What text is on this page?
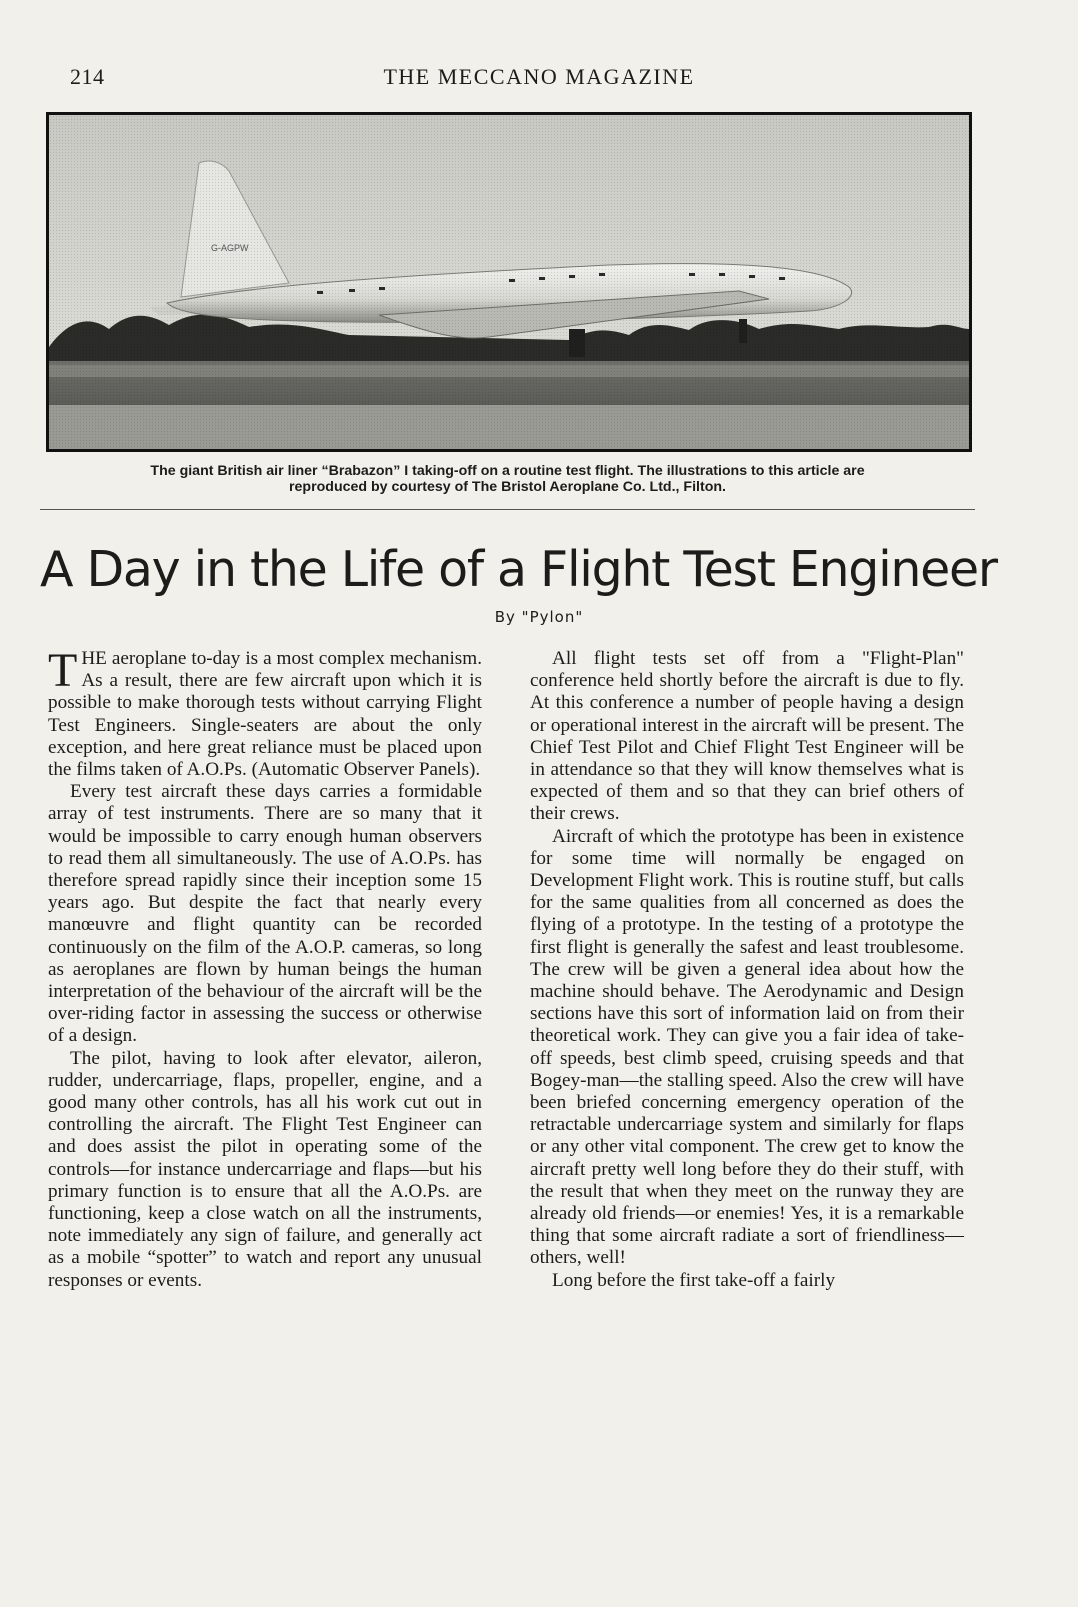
214	THE MECCANO MAGAZINE
The giant British air liner “Brabazon” I taking-off on a routine test flight. The illustrations to this article are
reproduced by courtesy of The Bristol Aeroplane Co. Ltd., Filton.
A Day in the Life of a Flight Test Engineer
By "Pylon"

THE aeroplane to-day is a most complex mechanism. As a result, there are few aircraft upon which it is possible to make thorough tests without carrying Flight Test Engineers. Single-seaters are about the only exception, and here great reliance must be placed upon the films taken of A.O.Ps. (Automatic Observer Panels).

Every test aircraft these days carries a formidable array of test instruments. There are so many that it would be impossible to carry enough human observers to read them all simultaneously. The use of A.O.Ps. has therefore spread rapidly since their inception some 15 years ago. But despite the fact that nearly every manœuvre and flight quantity can be recorded continuously on the film of the A.O.P. cameras, so long as aeroplanes are flown by human beings the human interpretation of the behaviour of the aircraft will be the over-riding factor in assessing the success or otherwise of a design.

The pilot, having to look after elevator, aileron, rudder, undercarriage, flaps, propeller, engine, and a good many other controls, has all his work cut out in controlling the aircraft. The Flight Test Engineer can and does assist the pilot in operating some of the controls—for instance undercarriage and flaps—but his primary function is to ensure that all the A.O.Ps. are functioning, keep a close watch on all the instruments, note immediately any sign of failure, and generally act as a mobile “spotter” to watch and report any unusual responses or events.

All flight tests set off from a "Flight-Plan" conference held shortly before the aircraft is due to fly. At this conference a number of people having a design or operational interest in the aircraft will be present. The Chief Test Pilot and Chief Flight Test Engineer will be in attendance so that they will know themselves what is expected of them and so that they can brief others of their crews.

Aircraft of which the prototype has been in existence for some time will normally be engaged on Development Flight work. This is routine stuff, but calls for the same qualities from all concerned as does the flying of a prototype. In the testing of a prototype the first flight is generally the safest and least troublesome. The crew will be given a general idea about how the machine should behave. The Aerodynamic and Design sections have this sort of information laid on from their theoretical work. They can give you a fair idea of take-off speeds, best climb speed, cruising speeds and that Bogey-man—the stalling speed. Also the crew will have been briefed concerning emergency operation of the retractable undercarriage system and similarly for flaps or any other vital component. The crew get to know the aircraft pretty well long before they do their stuff, with the result that when they meet on the runway they are already old friends—or enemies! Yes, it is a remarkable thing that some aircraft radiate a sort of friendliness—others, well!

Long before the first take-off a fairly
